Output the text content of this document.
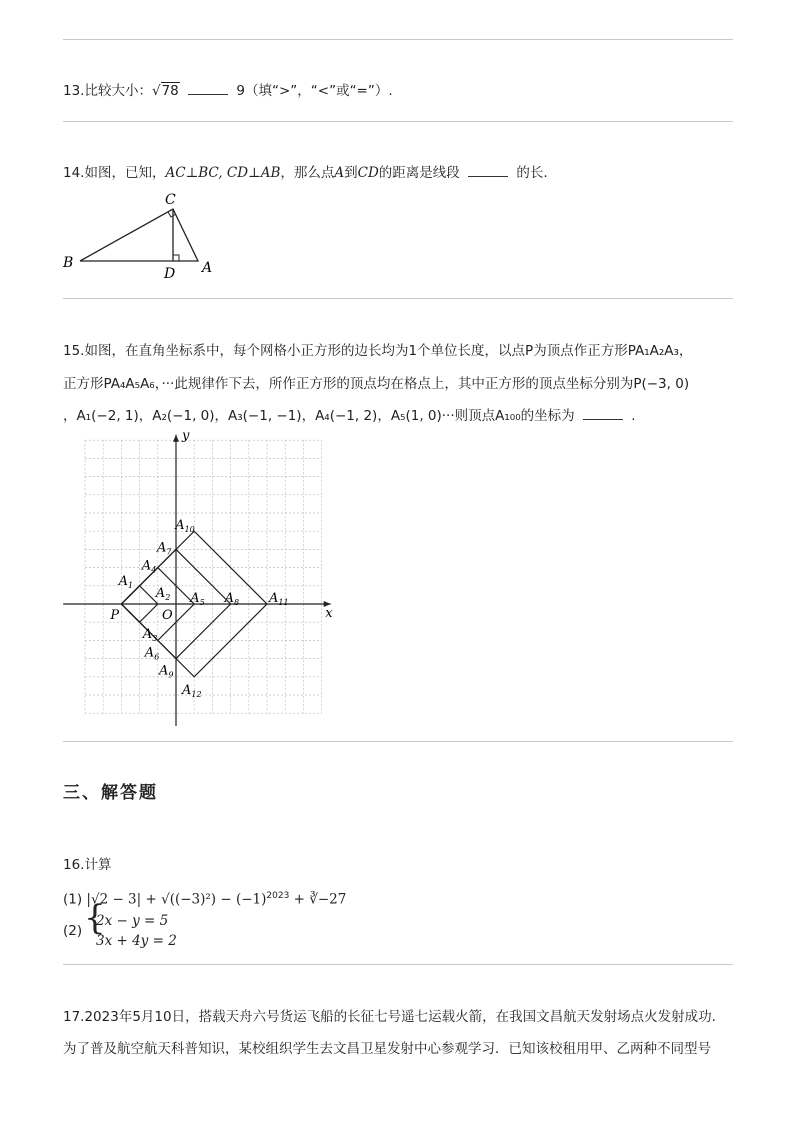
13.比较大小：√78	9（填“>”，“<”或“=”）.
14.如图，已知，AC⊥BC, CD⊥AB，那么点A到CD的距离是线段	的长.
C
B
D A
15.如图，在直角坐标系中，每个网格小正方形的边长均为1个单位长度，以点P为顶点作正方形PA₁A₂A₃，
正方形PA₄A₅A₆，···此规律作下去，所作正方形的顶点均在格点上，其中正方形的顶点坐标分别为P(−3, 0)
，A₁(−2, 1)，A₂(−1, 0)，A₃(−1, −1)，A₄(−1, 2)，A₅(1, 0)···则顶点A₁₀₀的坐标为	.
y
x
O
P
$A_1$
$A_2$
$A_3$
$A_4$
$A_5$
$A_6$
$A_7$
$A_8$
$A_9$
$A_{10}$
$A_{11}$
$A_{12}$
三、解答题
16.计算
(1) $|√2 - 3| + √((-3)^2) - (-1)^{2023}$ + ∛−27
(2) {
2x − y = 5
3x + 4y = 2
17.2023年5月10日，搭载天舟六号货运飞船的长征七号遥七运载火箭，在我国文昌航天发射场点火发射成功.
为了普及航空航天科普知识，某校组织学生去文昌卫星发射中心参观学习．已知该校租用甲、乙两种不同型号
